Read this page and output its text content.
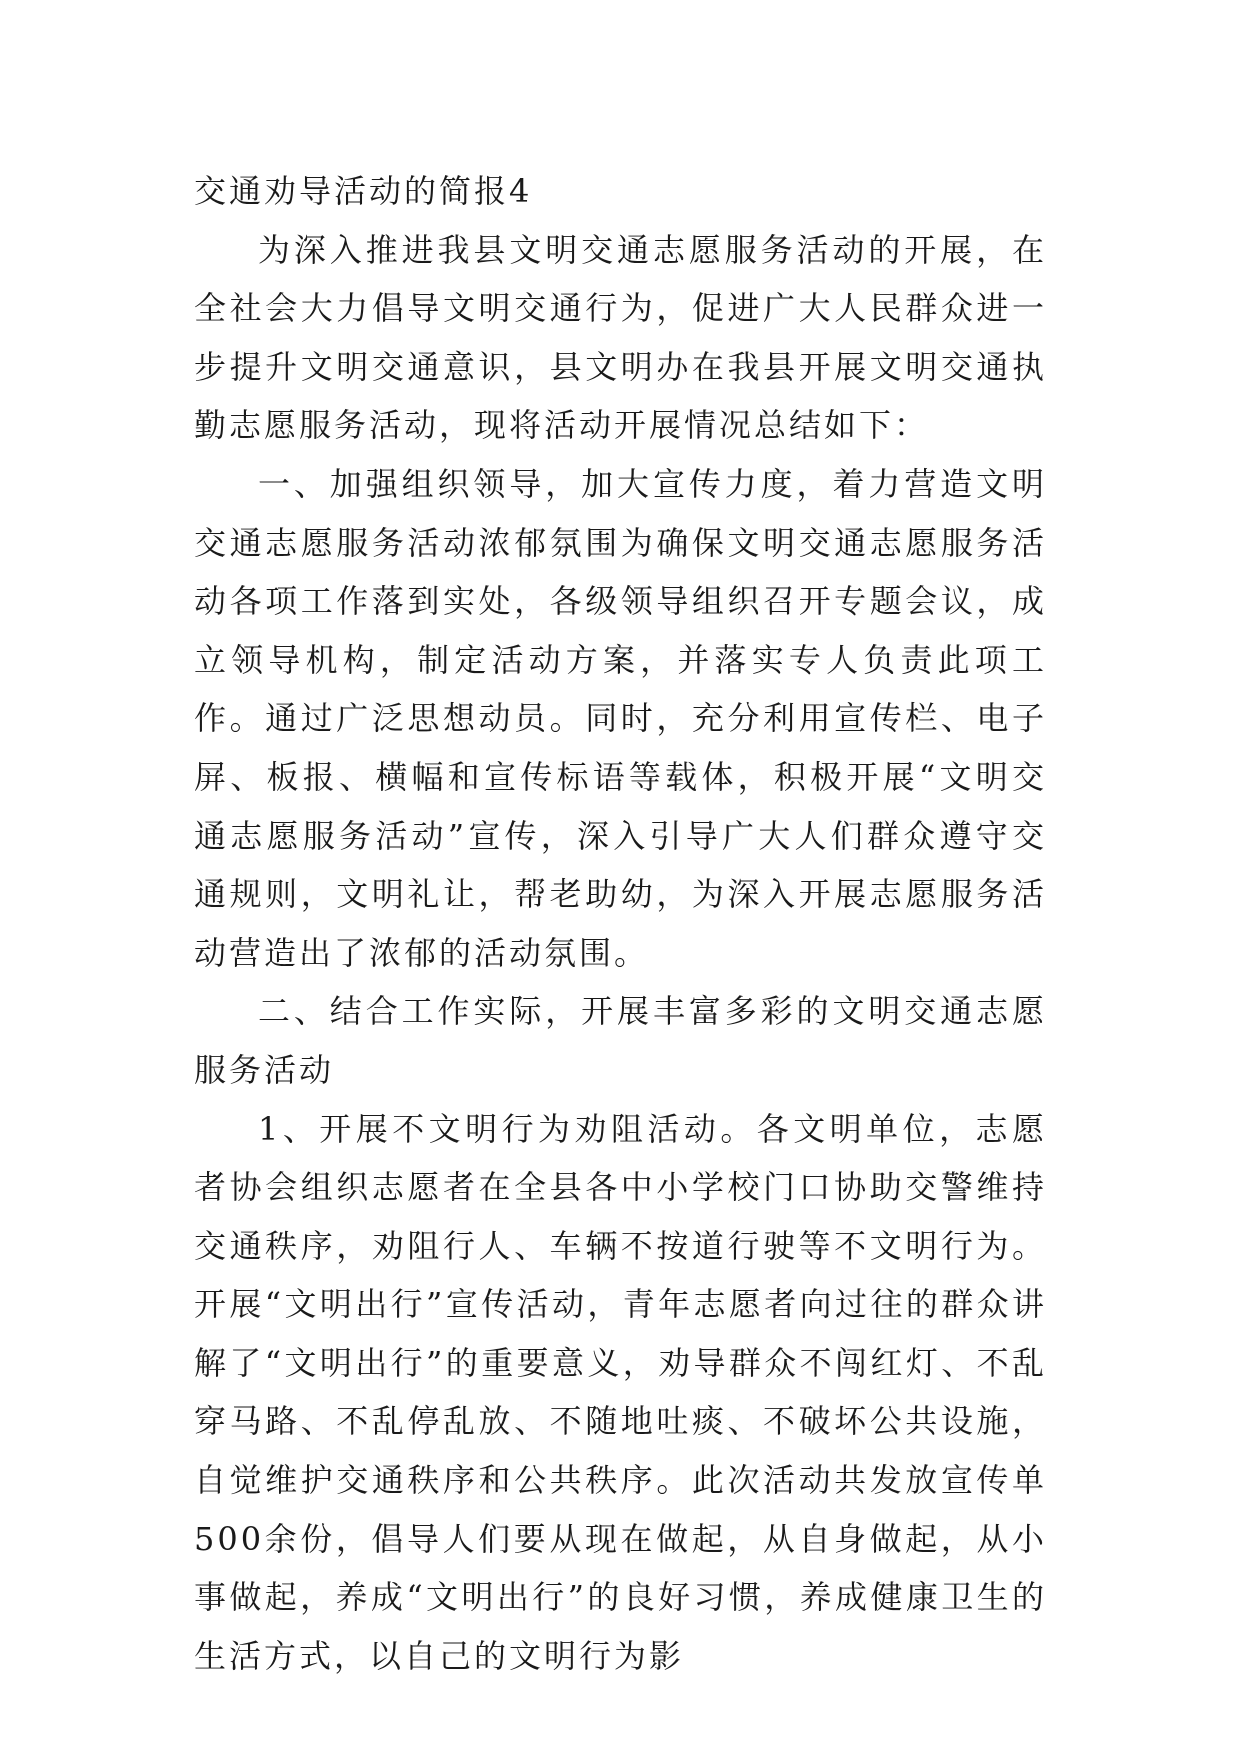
交通劝导活动的简报4

为深入推进我县文明交通志愿服务活动的开展，在全社会大力倡导文明交通行为，促进广大人民群众进一步提升文明交通意识，县文明办在我县开展文明交通执勤志愿服务活动，现将活动开展情况总结如下：

一、加强组织领导，加大宣传力度，着力营造文明交通志愿服务活动浓郁氛围为确保文明交通志愿服务活动各项工作落到实处，各级领导组织召开专题会议，成立领导机构，制定活动方案，并落实专人负责此项工作。通过广泛思想动员。同时，充分利用宣传栏、电子屏、板报、横幅和宣传标语等载体，积极开展“文明交通志愿服务活动”宣传，深入引导广大人们群众遵守交通规则，文明礼让，帮老助幼，为深入开展志愿服务活动营造出了浓郁的活动氛围。

二、结合工作实际，开展丰富多彩的文明交通志愿服务活动

1、开展不文明行为劝阻活动。各文明单位，志愿者协会组织志愿者在全县各中小学校门口协助交警维持交通秩序，劝阻行人、车辆不按道行驶等不文明行为。开展“文明出行”宣传活动，青年志愿者向过往的群众讲解了“文明出行”的重要意义，劝导群众不闯红灯、不乱穿马路、不乱停乱放、不随地吐痰、不破坏公共设施，自觉维护交通秩序和公共秩序。此次活动共发放宣传单500余份，倡导人们要从现在做起，从自身做起，从小事做起，养成“文明出行”的良好习惯，养成健康卫生的生活方式，以自己的文明行为影
